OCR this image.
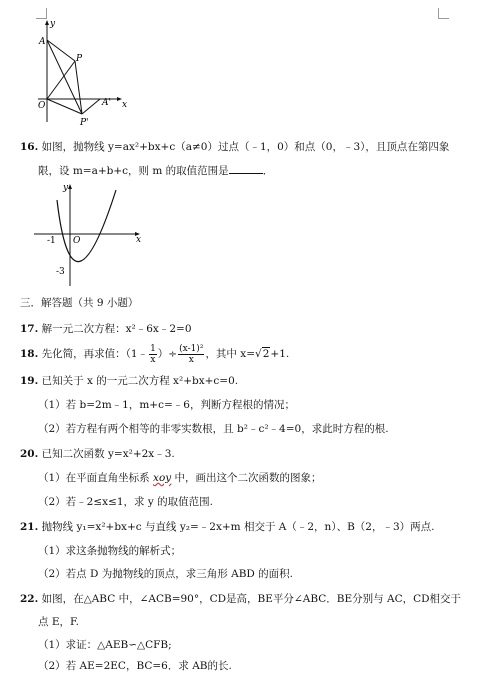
y
A
P
O	A' x
P'
16. 如图，抛物线 y=ax²+bx+c（a≠0）过点（﹣1，0）和点（0，﹣3），且顶点在第四象
限，设 m=a+b+c，则 m 的取值范围是	．
y
-1 O	x
-3
三．解答题（共 9 小题）
17. 解一元二次方程：x²﹣6x﹣2=0
18. 先化简，再求值：（1﹣ $\frac{1}{x}$ ）÷ $\frac{\text{(x-1)²}}{x}$ ，其中 x=√2+1.
19. 已知关于 x 的一元二次方程 x²+bx+c=0.
（1）若 b=2m﹣1，m+c=﹣6，判断方程根的情况；
（2）若方程有两个相等的非零实数根，且 b²﹣c²﹣4=0，求此时方程的根.
20. 已知二次函数 y=x²+2x﹣3.
（1）在平面直角坐标系 xoy 中，画出这个二次函数的图象；
（2）若﹣2≤x≤1，求 y 的取值范围.
21. 抛物线 y₁=x²+bx+c 与直线 y₂=﹣2x+m 相交于 A（﹣2，n）、B（2，﹣3）两点.
（1）求这条抛物线的解析式；
（2）若点 D 为抛物线的顶点，求三角形 ABD 的面积.
22. 如图，在△ABC 中，∠ACB=90°，CD是高，BE平分∠ABC．BE分别与 AC，CD相交于
点 E，F.
（1）求证：△AEB∽△CFB;
（2）若 AE=2EC，BC=6．求 AB的长.
